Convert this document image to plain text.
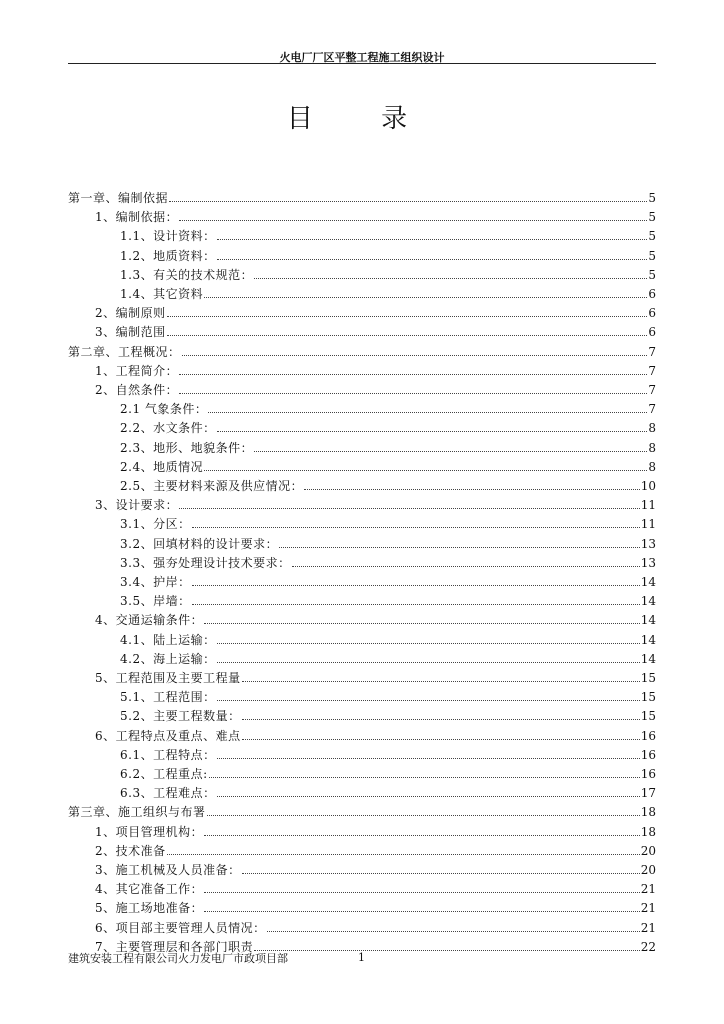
火电厂厂区平整工程施工组织设计
目 录
第一章、编制依据	5
1、编制依据：	5
1.1、设计资料：	5
1.2、地质资料：	5
1.3、有关的技术规范：	5
1.4、其它资料	6
2、编制原则	6
3、编制范围	6
第二章、工程概况：	7
1、工程简介：	7
2、自然条件：	7
2.1 气象条件：	7
2.2、水文条件：	8
2.3、地形、地貌条件：	8
2.4、地质情况	8
2.5、主要材料来源及供应情况：	10
3、设计要求：	11
3.1、分区：	11
3.2、回填材料的设计要求：	13
3.3、强夯处理设计技术要求：	13
3.4、护岸：	14
3.5、岸墙：	14
4、交通运输条件：	14
4.1、陆上运输：	14
4.2、海上运输：	14
5、工程范围及主要工程量	15
5.1、工程范围：	15
5.2、主要工程数量：	15
6、工程特点及重点、难点	16
6.1、工程特点：	16
6.2、工程重点:	16
6.3、工程难点：	17
第三章、施工组织与布署	18
1、项目管理机构：	18
2、技术准备	20
3、施工机械及人员准备：	20
4、其它准备工作：	21
5、施工场地准备：	21
6、项目部主要管理人员情况：	21
7、主要管理层和各部门职责	22
建筑安装工程有限公司火力发电厂市政项目部	1
